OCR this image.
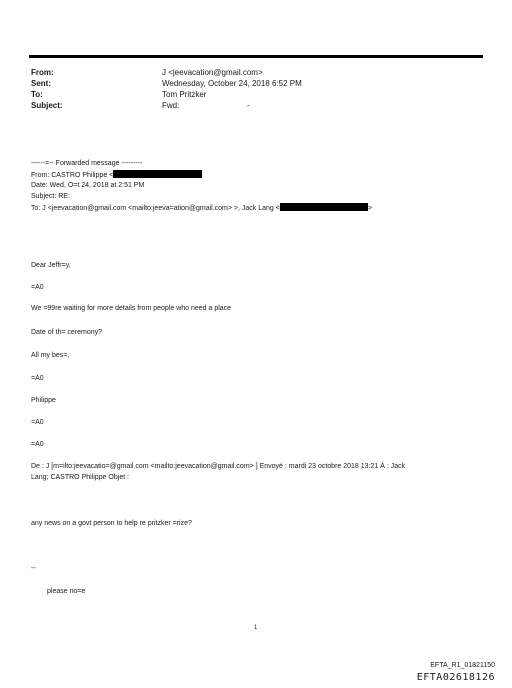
From:	J <jeevacation@gmail.com>
Sent:	Wednesday, October 24, 2018 6:52 PM
To:	Tom Pritzker
Subject:	Fwd:	-
------=-- Forwarded message ---------
From: CASTRO Philippe <
Date: Wed, O=t 24, 2018 at 2:51 PM
Subject: RE:
To: J <jeevacation@gmail.com <mailto:jeeva=ation@gmail.com> >, Jack Lang <	>
Dear Jeffr=y,
=A0
We =99re waiting for more details from people who need a place
Date of th= ceremony?
All my bes=,
=A0
Philippe
=A0
=A0
De : J [m=ilto:jeevacatio=@gmail.com <mailto:jeevacation@gmail.com> ] Envoyé : mardi 23 octobre 2018 13:21 À : Jack
Lang; CASTRO Philippe Objet :
any news on a govt person to help re pritzker =rize?
--
please no=e
1
EFTA_R1_01821150
EFTA02618126
